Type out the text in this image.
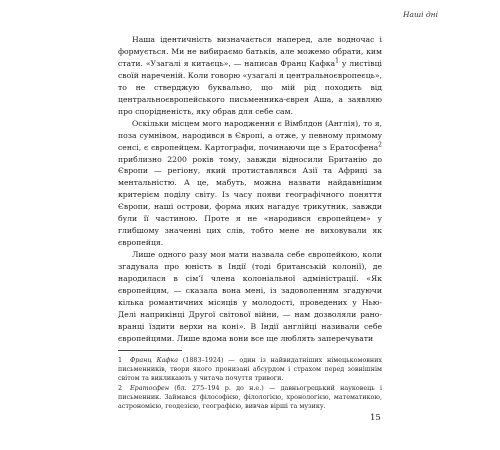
Наші дні

Наша ідентичність визначається наперед, але водночас і формується. Ми не вибираємо батьків, але можемо обрати, ким стати. «Узагалі я китаєць», — написав Франц Кафка$^1$ у листівці своїй нареченій. Коли говорю «узагалі я центральноєвропеєць», то не стверджую буквально, що мій рід походить від центральноєвропейського письменника-єврея Аша, а заявляю про спорідненість, яку обрав для себе сам.

Оскільки місцем мого народження є Вімблдон (Англія), то я, поза сумнівом, народився в Європі, а отже, у певному прямому сенсі, є європейцем. Картографи, починаючи ще з Ератосфена$^2$ приблизно 2200 років тому, завжди відносили Британію до Європи — регіону, який протиставлявся Азії та Африці за ментальністю. А це, мабуть, можна назвати найдавнішим критерієм поділу світу. Із часу появи географічного поняття Європи, наші острови, форма яких нагадує трикутник, завжди були її частиною. Проте я не «народився європейцем» у глибшому значенні цих слів, тобто мене не виховували як європейця.

Лише одного разу моя мати назвала себе європейкою, коли згадувала про юність в Індії (тоді британській колонії), де народилася в сім’ї члена колоніальної адміністрації. «Як європейцям, — сказала вона мені, із задоволенням згадуючи кілька романтичних місяців у молодості, проведених у Нью-Делі наприкінці Другої світової війни, — нам дозволяли рано-вранці їздити верхи на коні». В Індії англійці називали себе європейцями. Лише вдома вони все ще люблять заперечувати

1 Франц Кафка (1883–1924) — один із найвидатніших німецькомовних письменників, твори якого пронизані абсурдом і страхом перед зовнішнім світом та викликають у читача почуття тривоги.

2 Ератосфен (бл. 275–194 р. до н.е.) — давньогрецький науковець і письменник. Займався філософією, філологією, хронологією, математикою, астрономією, геодезією, географією, вивчав вірші та музику.

15
